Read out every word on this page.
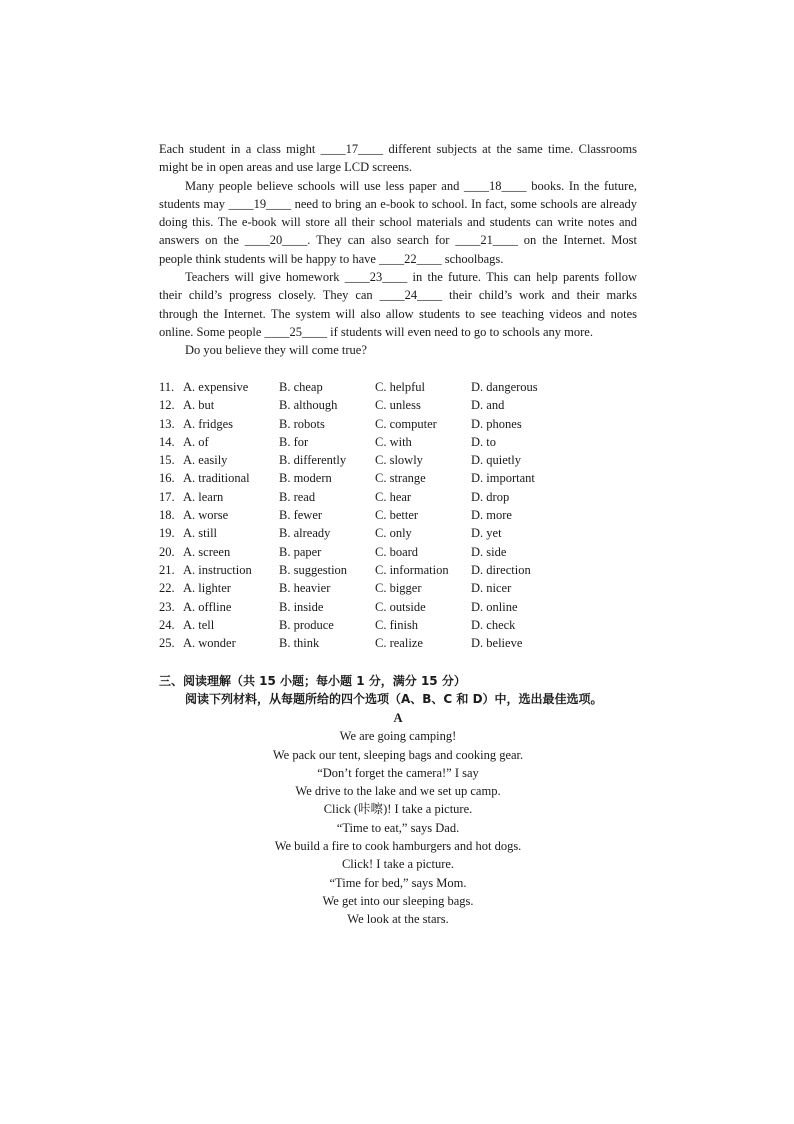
Each student in a class might ____17____ different subjects at the same time. Classrooms
might be in open areas and use large LCD screens.

Many people believe schools will use less paper and ____18____ books. In the future,
students may ____19____ need to bring an e-book to school. In fact, some schools are already
doing this. The e-book will store all their school materials and students can write notes and
answers on the ____20____. They can also search for ____21____ on the Internet. Most
people think students will be happy to have ____22____ schoolbags.

Teachers will give homework ____23____ in the future. This can help parents follow
their child’s progress closely. They can ____24____ their child’s work and their marks
through the Internet. The system will also allow students to see teaching videos and notes
online. Some people ____25____ if students will even need to go to schools any more.

Do you believe they will come true?

11. A. expensive	B. cheap	C. helpful	D. dangerous
12. A. but	B. although	C. unless	D. and
13. A. fridges	B. robots	C. computer	D. phones
14. A. of	B. for	C. with	D. to
15. A. easily	B. differently	C. slowly	D. quietly
16. A. traditional	B. modern	C. strange	D. important
17. A. learn	B. read	C. hear	D. drop
18. A. worse	B. fewer	C. better	D. more
19. A. still	B. already	C. only	D. yet
20. A. screen	B. paper	C. board	D. side
21. A. instruction	B. suggestion	C. information	D. direction
22. A. lighter	B. heavier	C. bigger	D. nicer
23. A. offline	B. inside	C. outside	D. online
24. A. tell	B. produce	C. finish	D. check
25. A. wonder	B. think	C. realize	D. believe
三、阅读理解（共 15 小题；每小题 1 分，满分 15 分）
阅读下列材料，从每题所给的四个选项（A、B、C 和 D）中，选出最佳选项。
A
We are going camping!
We pack our tent, sleeping bags and cooking gear.
“Don’t forget the camera!” I say
We drive to the lake and we set up camp.
Click (咔嚓)! I take a picture.
“Time to eat,” says Dad.
We build a fire to cook hamburgers and hot dogs.
Click! I take a picture.
“Time for bed,” says Mom.
We get into our sleeping bags.
We look at the stars.
